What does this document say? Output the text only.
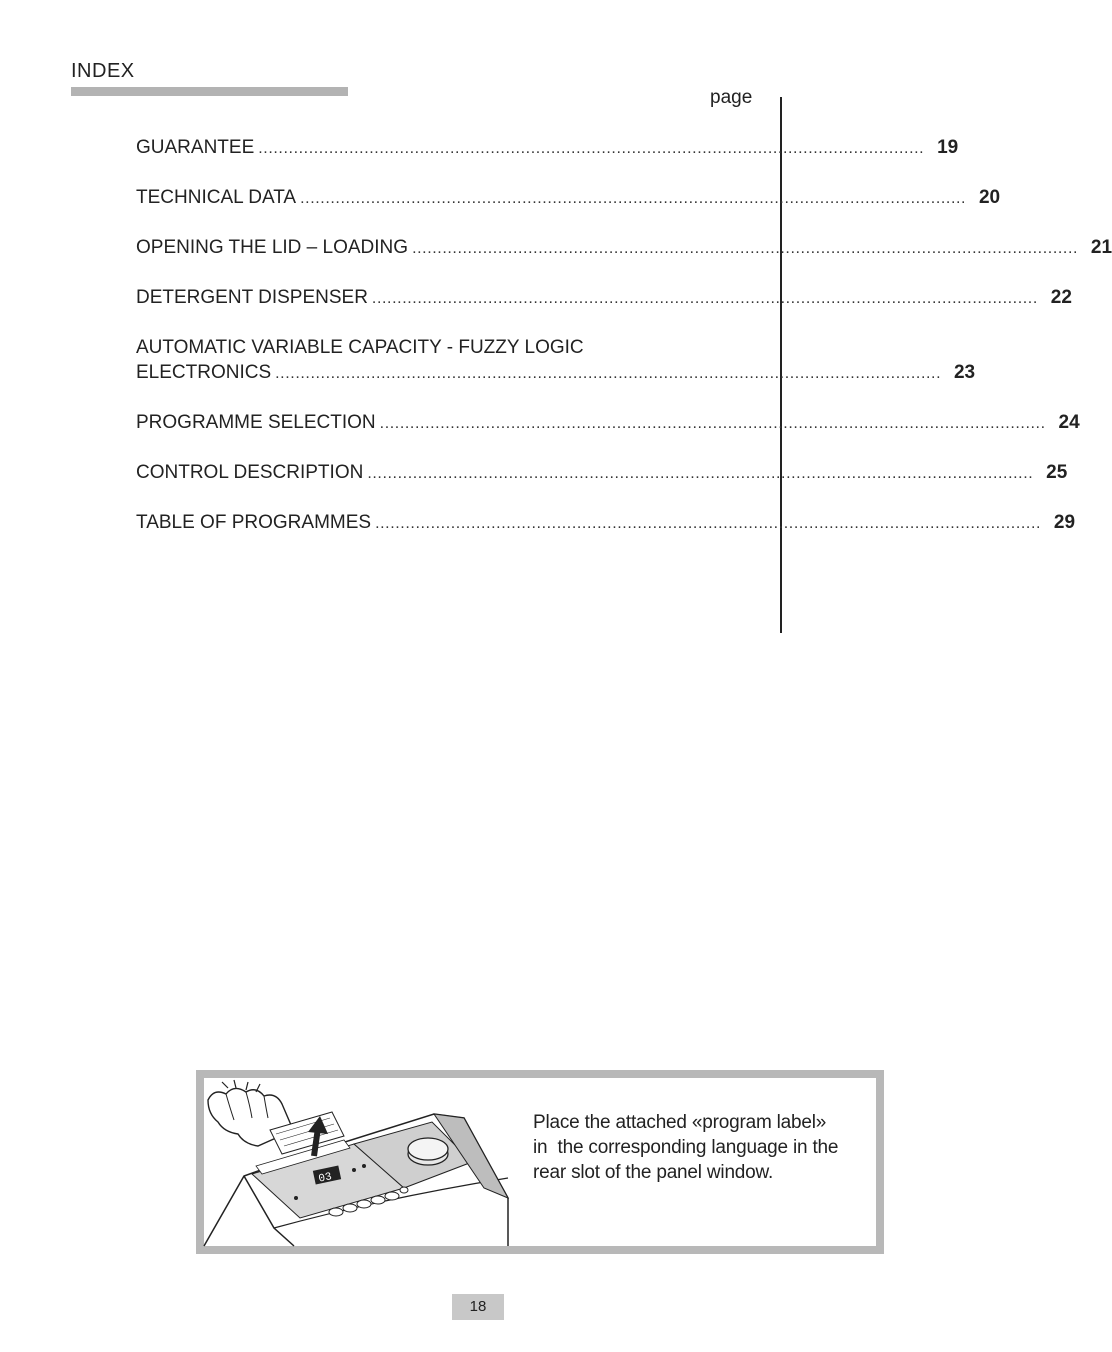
INDEX
page
GUARANTEE .................................................................................................................................... 19
TECHNICAL DATA .................................................................................................................................... 20
OPENING THE LID – LOADING .................................................................................................................................... 21
DETERGENT DISPENSER .................................................................................................................................... 22
AUTOMATIC VARIABLE CAPACITY - FUZZY LOGIC
ELECTRONICS .................................................................................................................................... 23
PROGRAMME SELECTION .................................................................................................................................... 24
CONTROL DESCRIPTION .................................................................................................................................... 25
TABLE OF PROGRAMMES .................................................................................................................................... 29
03
Place the attached «program label»
in  the corresponding language in the
rear slot of the panel window.
18
